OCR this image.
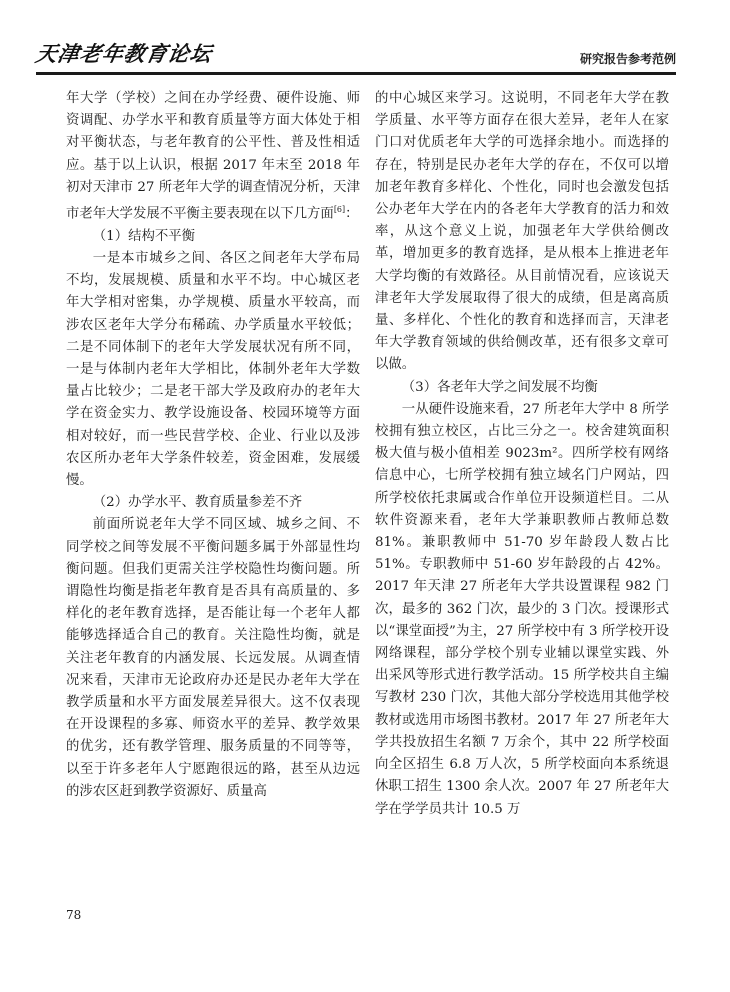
天津老年教育论坛	研究报告参考范例

年大学（学校）之间在办学经费、硬件设施、师资调配、办学水平和教育质量等方面大体处于相对平衡状态，与老年教育的公平性、普及性相适应。基于以上认识，根据 2017 年末至 2018 年初对天津市 27 所老年大学的调查情况分析，天津市老年大学发展不平衡主要表现在以下几方面[6]：

（1）结构不平衡

一是本市城乡之间、各区之间老年大学布局不均，发展规模、质量和水平不均。中心城区老年大学相对密集，办学规模、质量水平较高，而涉农区老年大学分布稀疏、办学质量水平较低；二是不同体制下的老年大学发展状况有所不同，一是与体制内老年大学相比，体制外老年大学数量占比较少；二是老干部大学及政府办的老年大学在资金实力、教学设施设备、校园环境等方面相对较好，而一些民营学校、企业、行业以及涉农区所办老年大学条件较差，资金困难，发展缓慢。

（2）办学水平、教育质量参差不齐

前面所说老年大学不同区域、城乡之间、不同学校之间等发展不平衡问题多属于外部显性均衡问题。但我们更需关注学校隐性均衡问题。所谓隐性均衡是指老年教育是否具有高质量的、多样化的老年教育选择，是否能让每一个老年人都能够选择适合自己的教育。关注隐性均衡，就是关注老年教育的内涵发展、长远发展。从调查情况来看，天津市无论政府办还是民办老年大学在教学质量和水平方面发展差异很大。这不仅表现在开设课程的多寡、师资水平的差异、教学效果的优劣，还有教学管理、服务质量的不同等等，以至于许多老年人宁愿跑很远的路，甚至从边远的涉农区赶到教学资源好、质量高

的中心城区来学习。这说明，不同老年大学在教学质量、水平等方面存在很大差异，老年人在家门口对优质老年大学的可选择余地小。而选择的存在，特别是民办老年大学的存在，不仅可以增加老年教育多样化、个性化，同时也会激发包括公办老年大学在内的各老年大学教育的活力和效率，从这个意义上说，加强老年大学供给侧改革，增加更多的教育选择，是从根本上推进老年大学均衡的有效路径。从目前情况看，应该说天津老年大学发展取得了很大的成绩，但是离高质量、多样化、个性化的教育和选择而言，天津老年大学教育领域的供给侧改革，还有很多文章可以做。

（3）各老年大学之间发展不均衡

一从硬件设施来看，27 所老年大学中 8 所学校拥有独立校区，占比三分之一。校舍建筑面积极大值与极小值相差 9023m²。四所学校有网络信息中心，七所学校拥有独立域名门户网站，四所学校依托隶属或合作单位开设频道栏目。二从软件资源来看，老年大学兼职教师占教师总数 81%。兼职教师中 51-70 岁年龄段人数占比 51%。专职教师中 51-60 岁年龄段的占 42%。2017 年天津 27 所老年大学共设置课程 982 门次，最多的 362 门次，最少的 3 门次。授课形式以“课堂面授”为主，27 所学校中有 3 所学校开设网络课程，部分学校个别专业辅以课堂实践、外出采风等形式进行教学活动。15 所学校共自主编写教材 230 门次，其他大部分学校选用其他学校教材或选用市场图书教材。2017 年 27 所老年大学共投放招生名额 7 万余个，其中 22 所学校面向全区招生 6.8 万人次，5 所学校面向本系统退休职工招生 1300 余人次。2007 年 27 所老年大学在学学员共计 10.5 万

78
